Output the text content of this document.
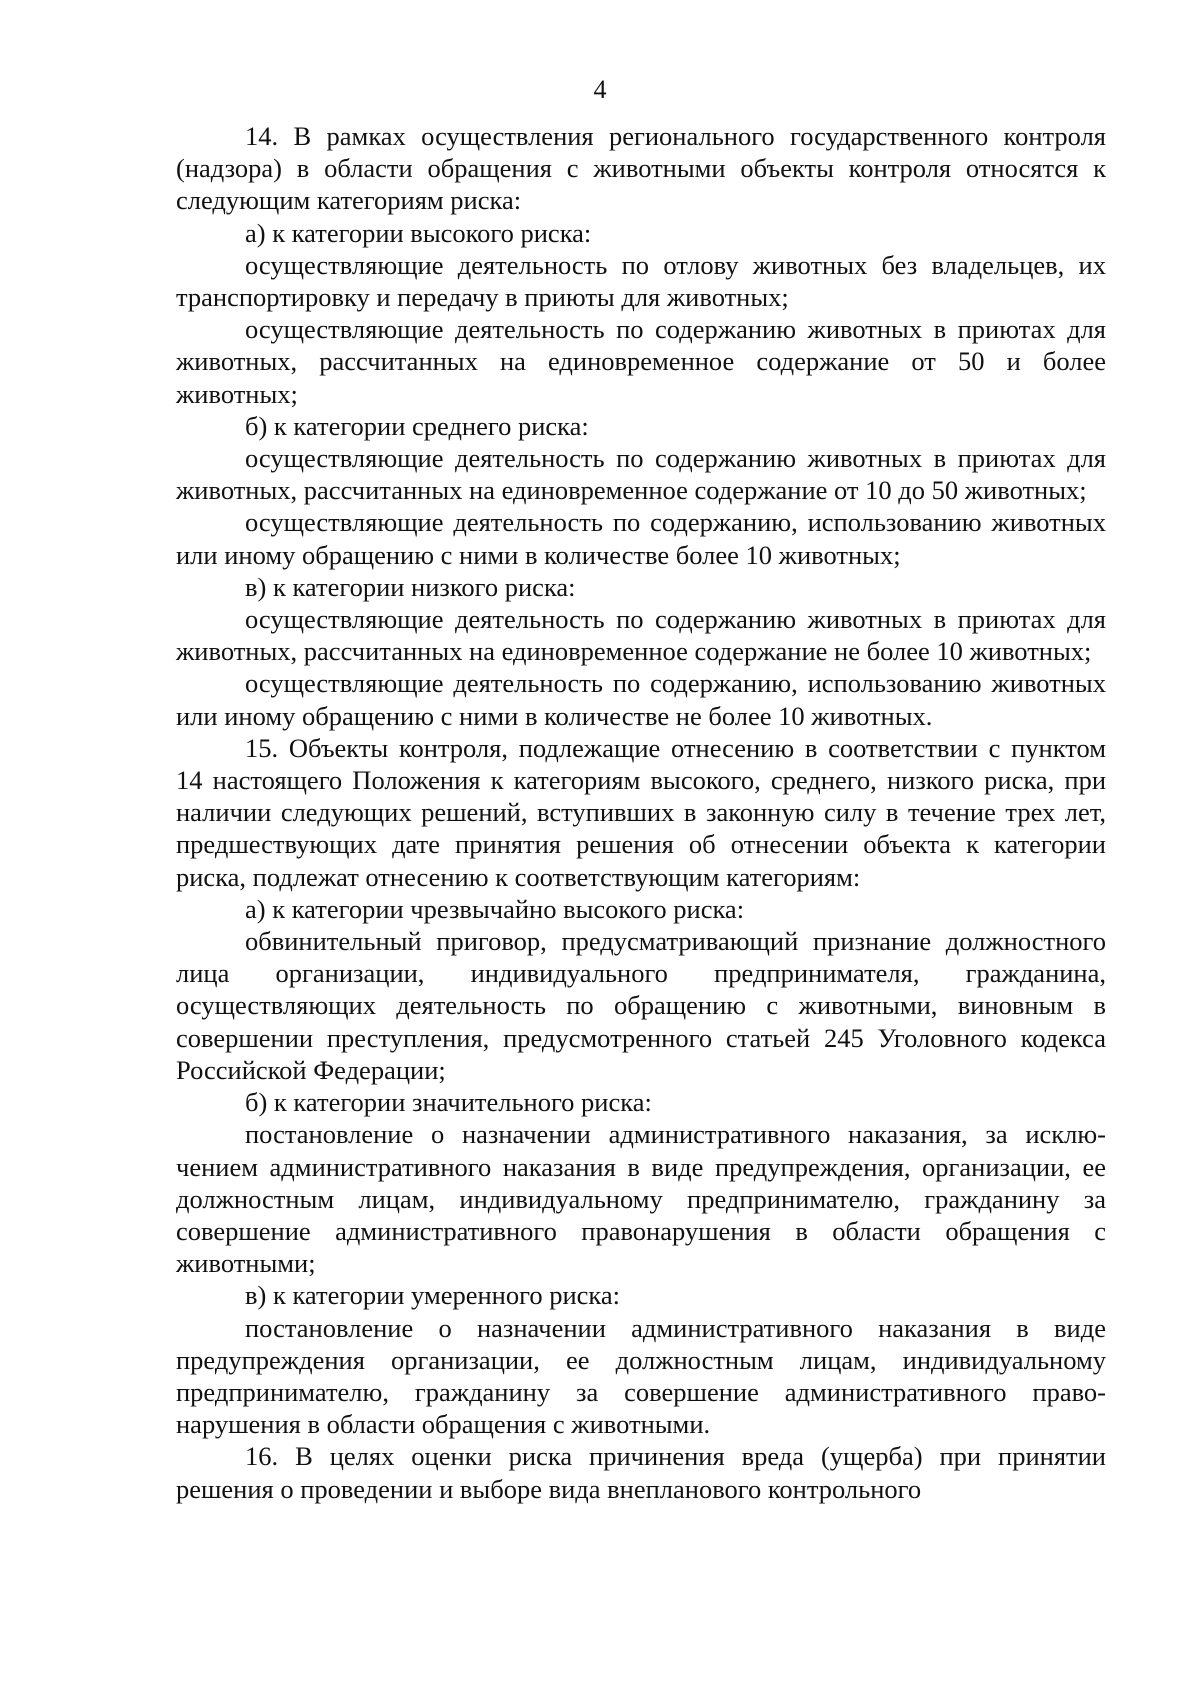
4

14. В рамках осуществления регионального государственного контроля (надзора) в области обращения с животными объекты контроля относятся к следующим категориям риска:

а) к категории высокого риска:

осуществляющие деятельность по отлову животных без владельцев, их транспортировку и передачу в приюты для животных;

осуществляющие деятельность по содержанию животных в приютах для животных, рассчитанных на единовременное содержание от 50 и более животных;

б) к категории среднего риска:

осуществляющие деятельность по содержанию животных в приютах для животных, рассчитанных на единовременное содержание от 10 до 50 животных;

осуществляющие деятельность по содержанию, использованию животных или иному обращению с ними в количестве более 10 животных;

в) к категории низкого риска:

осуществляющие деятельность по содержанию животных в приютах для животных, рассчитанных на единовременное содержание не более 10 животных;

осуществляющие деятельность по содержанию, использованию животных или иному обращению с ними в количестве не более 10 животных.

15. Объекты контроля, подлежащие отнесению в соответствии с пунктом 14 настоящего Положения к категориям высокого, среднего, низкого риска, при наличии следующих решений, вступивших в законную силу в течение трех лет, предшествующих дате принятия решения об отнесении объекта к категории риска, подлежат отнесению к соответствующим категориям:

а) к категории чрезвычайно высокого риска:

обвинительный приговор, предусматривающий признание должностного лица организации, индивидуального предпринимателя, гражданина, осуществляющих деятельность по обращению с животными, виновным в совершении преступления, предусмотренного статьей 245 Уголовного кодекса Российской Федерации;

б) к категории значительного риска:

постановление о назначении административного наказания, за исключением административного наказания в виде предупреждения, организации, ее должностным лицам, индивидуальному предпринимателю, гражданину за совершение административного правонарушения в области обращения с животными;

в) к категории умеренного риска:

постановление о назначении административного наказания в виде предупреждения организации, ее должностным лицам, индивидуальному предпринимателю, гражданину за совершение административного правонарушения в области обращения с животными.

16. В целях оценки риска причинения вреда (ущерба) при принятии решения о проведении и выборе вида внепланового контрольного
